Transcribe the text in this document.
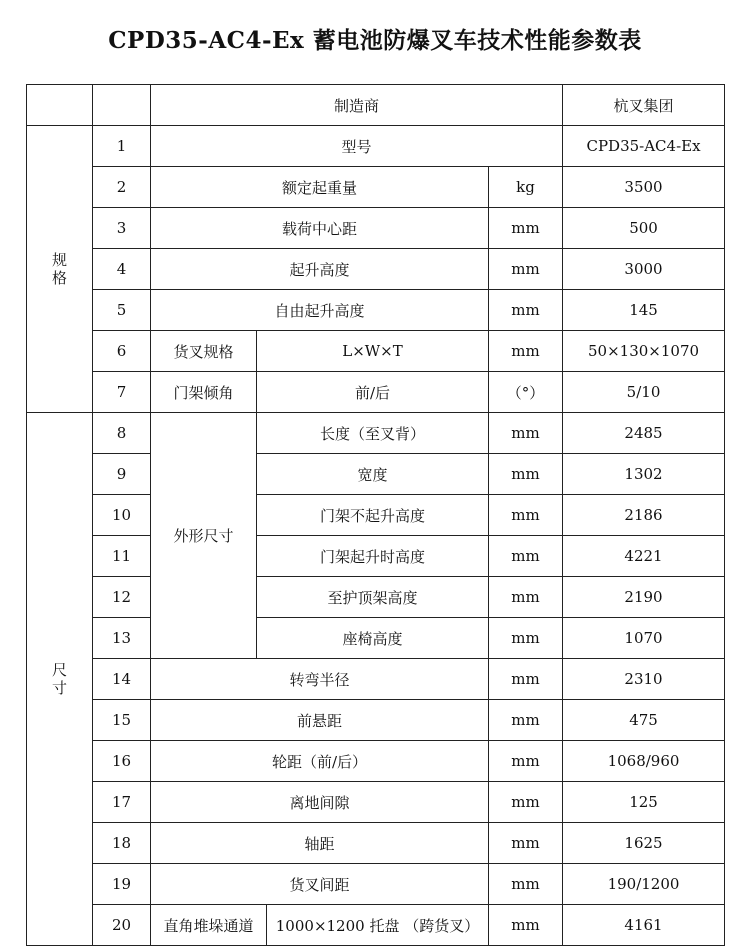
CPD35-AC4-Ex 蓄电池防爆叉车技术性能参数表
		制造商				杭叉集团

规
格	1	型号				CPD35-AC4-Ex
	2	额定起重量			kg	3500
	3	载荷中心距			mm	500
	4	起升高度			mm	3000
	5	自由起升高度			mm	145
	6	货叉规格	L×W×T		mm	50×130×1070
	7	门架倾角	前/后		（°）	5/10

尺
寸	8	外形尺寸	长度（至叉背）		mm	2485
	9		宽度		mm	1302
	10		门架不起升高度		mm	2186
	11		门架起升时高度		mm	4221
	12		至护顶架高度		mm	2190
	13		座椅高度		mm	1070
	14	转弯半径			mm	2310
	15	前悬距			mm	475
	16	轮距（前/后）			mm	1068/960
	17	离地间隙			mm	125
	18	轴距			mm	1625
	19	货叉间距			mm	190/1200
	20	直角堆垛通道		1000×1200 托盘 （跨货叉）	mm	4161
